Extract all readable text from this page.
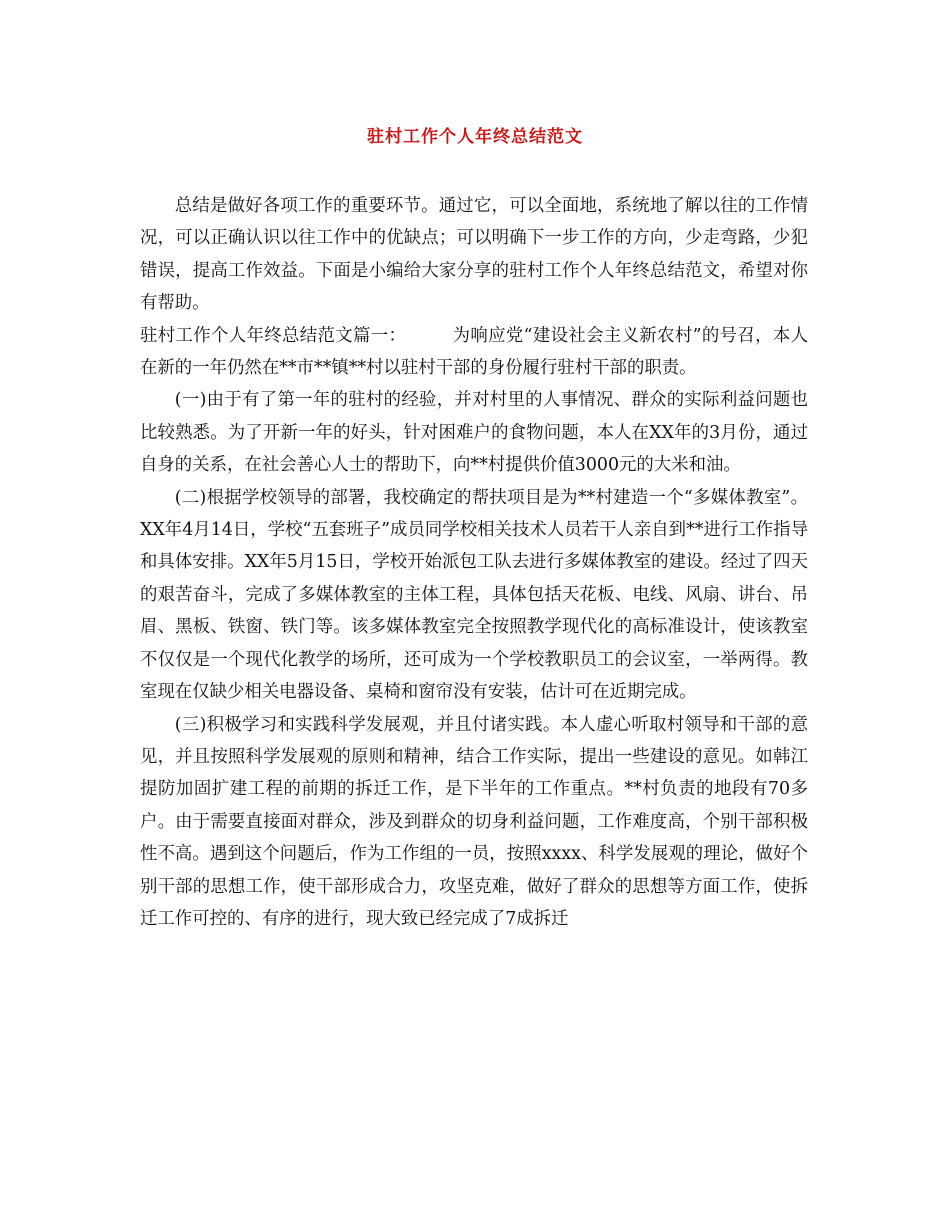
驻村工作个人年终总结范文

总结是做好各项工作的重要环节。通过它，可以全面地，系统地了解以往的工作情况，可以正确认识以往工作中的优缺点；可以明确下一步工作的方向，少走弯路，少犯错误，提高工作效益。下面是小编给大家分享的驻村工作个人年终总结范文，希望对你有帮助。

驻村工作个人年终总结范文篇一：	为响应党“建设社会主义新农村”的号召，本人在新的一年仍然在**市**镇**村以驻村干部的身份履行驻村干部的职责。

(一)由于有了第一年的驻村的经验，并对村里的人事情况、群众的实际利益问题也比较熟悉。为了开新一年的好头，针对困难户的食物问题，本人在XX年的3月份，通过自身的关系，在社会善心人士的帮助下，向**村提供价值3000元的大米和油。

(二)根据学校领导的部署，我校确定的帮扶项目是为**村建造一个“多媒体教室”。XX年4月14日，学校“五套班子”成员同学校相关技术人员若干人亲自到**进行工作指导和具体安排。XX年5月15日，学校开始派包工队去进行多媒体教室的建设。经过了四天的艰苦奋斗，完成了多媒体教室的主体工程，具体包括天花板、电线、风扇、讲台、吊眉、黑板、铁窗、铁门等。该多媒体教室完全按照教学现代化的高标准设计，使该教室不仅仅是一个现代化教学的场所，还可成为一个学校教职员工的会议室，一举两得。教室现在仅缺少相关电器设备、桌椅和窗帘没有安装，估计可在近期完成。

(三)积极学习和实践科学发展观，并且付诸实践。本人虚心听取村领导和干部的意见，并且按照科学发展观的原则和精神，结合工作实际，提出一些建设的意见。如韩江提防加固扩建工程的前期的拆迁工作，是下半年的工作重点。**村负责的地段有70多户。由于需要直接面对群众，涉及到群众的切身利益问题，工作难度高，个别干部积极性不高。遇到这个问题后，作为工作组的一员，按照xxxx、科学发展观的理论，做好个别干部的思想工作，使干部形成合力，攻坚克难，做好了群众的思想等方面工作，使拆迁工作可控的、有序的进行，现大致已经完成了7成拆迁
